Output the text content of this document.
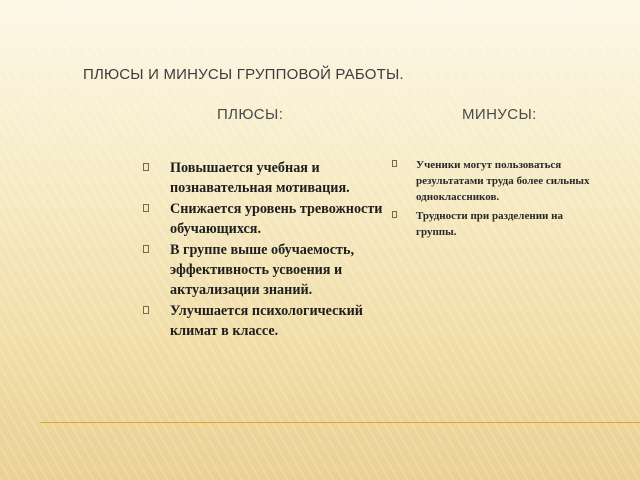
ПЛЮСЫ И МИНУСЫ ГРУППОВОЙ РАБОТЫ.
ПЛЮСЫ:	МИНУСЫ:
Повышается учебная и познавательная мотивация.
Снижается уровень тревожности обучающихся.
В группе выше обучаемость, эффективность усвоения и актуализации знаний.
Улучшается психологический климат в классе.
Ученики могут пользоваться результатами труда более сильных одноклассников.
Трудности при разделении на группы.
